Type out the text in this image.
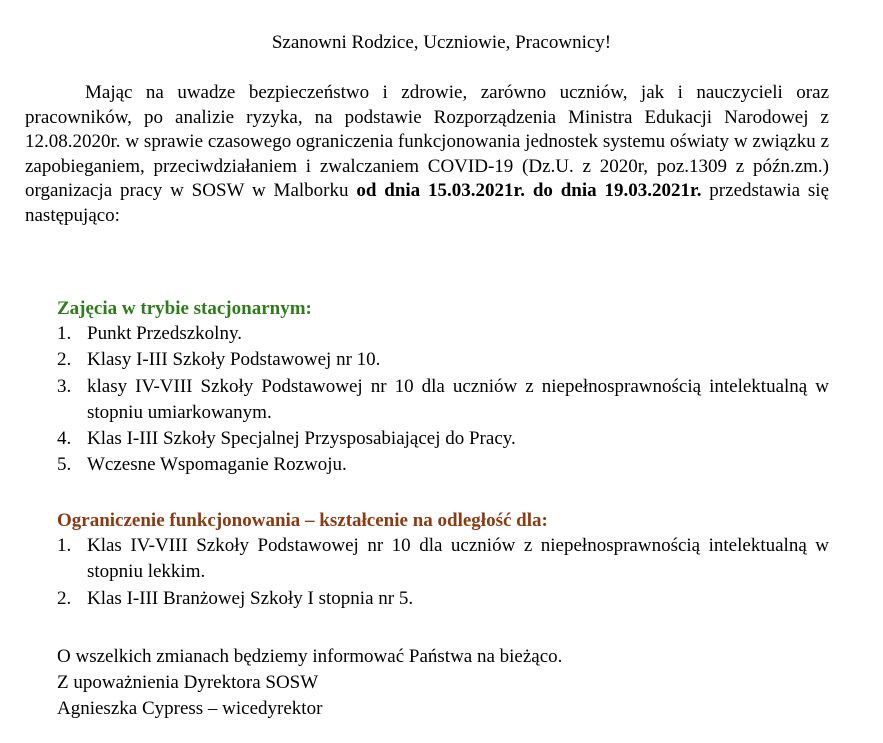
Szanowni Rodzice, Uczniowie, Pracownicy!

Mając na uwadze bezpieczeństwo i zdrowie, zarówno uczniów, jak i nauczycieli oraz pracowników, po analizie ryzyka, na podstawie Rozporządzenia Ministra Edukacji Narodowej z 12.08.2020r. w sprawie czasowego ograniczenia funkcjonowania jednostek systemu oświaty w związku z zapobieganiem, przeciwdziałaniem i zwalczaniem COVID-19 (Dz.U. z 2020r, poz.1309 z późn.zm.) organizacja pracy w SOSW w Malborku od dnia 15.03.2021r. do dnia 19.03.2021r. przedstawia się następująco:

Zajęcia w trybie stacjonarnym:

1. Punkt Przedszkolny.
2. Klasy I-III Szkoły Podstawowej nr 10.
3. klasy IV-VIII Szkoły Podstawowej nr 10 dla uczniów z niepełnosprawnością intelektualną w stopniu umiarkowanym.
4. Klas I-III Szkoły Specjalnej Przysposabiającej do Pracy.
5. Wczesne Wspomaganie Rozwoju.

Ograniczenie funkcjonowania – kształcenie na odległość dla:

1. Klas IV-VIII Szkoły Podstawowej nr 10 dla uczniów z niepełnosprawnością intelektualną w stopniu lekkim.
2. Klas I-III Branżowej Szkoły I stopnia nr 5.
O wszelkich zmianach będziemy informować Państwa na bieżąco.
Z upoważnienia Dyrektora SOSW
Agnieszka Cypress – wicedyrektor
